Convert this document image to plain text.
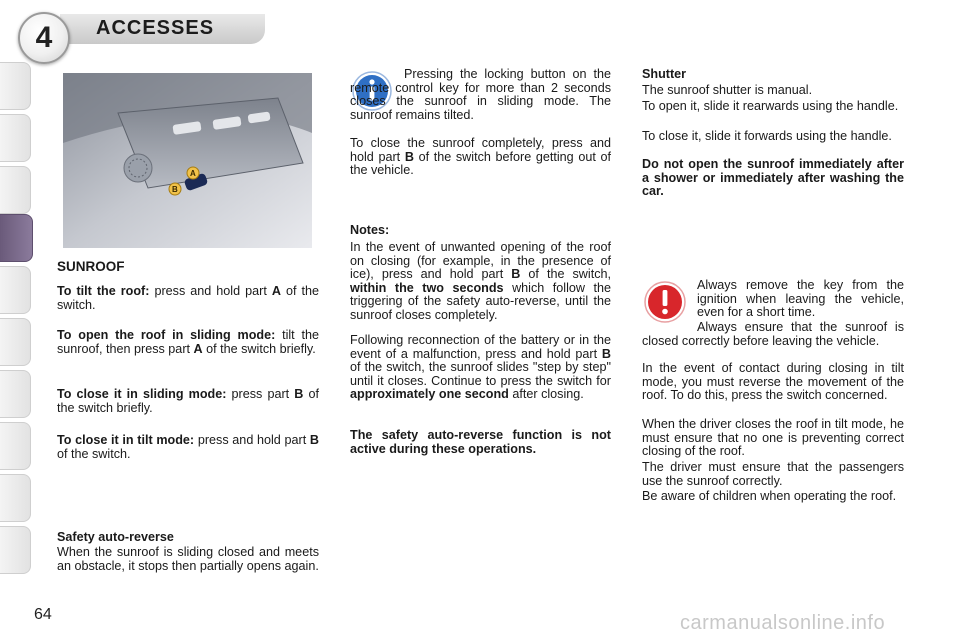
4	ACCESSES
A
B
SUNROOF

To tilt the roof: press and hold part A of the switch.

To open the roof in sliding mode: tilt the sunroof, then press part A of the switch briefly.

To close it in sliding mode: press part B of the switch briefly.

To close it in tilt mode: press and hold part B of the switch.

Safety auto-reverse

When the sunroof is sliding closed and meets an obstacle, it stops then partially opens again.

Pressing the locking button on the remote control key for more than 2 seconds closes the sunroof in sliding mode. The sunroof remains tilted.

To close the sunroof completely, press and hold part B of the switch before getting out of the vehicle.

Notes:

In the event of unwanted opening of the roof on closing (for example, in the presence of ice), press and hold part B of the switch, within the two seconds which follow the triggering of the safety auto-reverse, until the sunroof closes completely.

Following reconnection of the battery or in the event of a malfunction, press and hold part B of the switch, the sunroof slides "step by step" until it closes. Continue to press the switch for approximately one second after closing.

The safety auto-reverse function is not active during these operations.

Shutter

The sunroof shutter is manual.

To open it, slide it rearwards using the handle.

To close it, slide it forwards using the handle.

Do not open the sunroof immediately after a shower or immediately after washing the car.

Always remove the key from the ignition when leaving the vehicle, even for a short time.

Always ensure that the sunroof is closed correctly before leaving the vehicle.

In the event of contact during closing in tilt mode, you must reverse the movement of the roof. To do this, press the switch concerned.

When the driver closes the roof in tilt mode, he must ensure that no one is preventing correct closing of the roof.

The driver must ensure that the passengers use the sunroof correctly.

Be aware of children when operating the roof.

64	carmanualsonline.info
